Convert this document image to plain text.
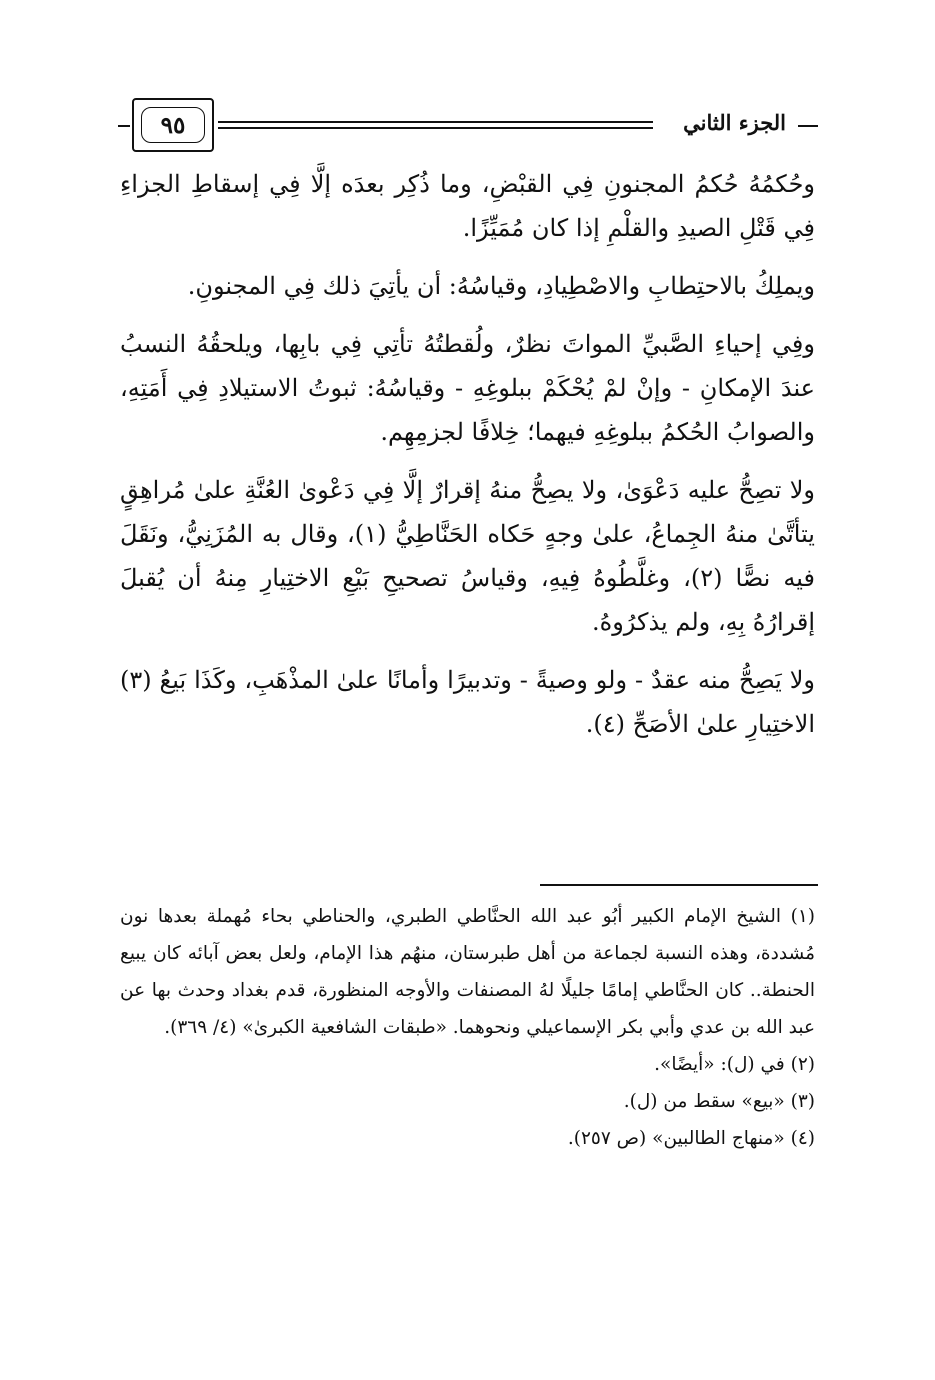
الجزء الثاني
٩٥

وحُكمُهُ حُكمُ المجنونِ فِي القبْضِ، وما ذُكِر بعدَه إلَّا فِي إسقاطِ الجزاءِ فِي قَتْلِ الصيدِ والقلْمِ إذا كان مُمَيِّزًا.

ويملِكُ بالاحتِطابِ والاصْطِيادِ، وقياسُهُ: أن يأتِيَ ذلك فِي المجنونِ.

وفِي إحياءِ الصَّبيِّ المواتَ نظرٌ، ولُقطتُهُ تأتِي فِي بابِها، ويلحقُهُ النسبُ عندَ الإمكانِ - وإنْ لمْ يُحْكَمْ ببلوغِهِ - وقياسُهُ: ثبوتُ الاستيلادِ فِي أَمَتِهِ، والصوابُ الحُكمُ ببلوغِهِ فيهما؛ خِلافًا لجزمِهِم.

ولا تصِحُّ عليه دَعْوَىٰ، ولا يصِحُّ منهُ إقرارٌ إلَّا فِي دَعْوىٰ العُنَّةِ علىٰ مُراهِقٍ يتأتَّىٰ منهُ الجِماعُ، علىٰ وجهٍ حَكاه الحَنَّاطِيُّ (١)، وقال به المُزَنِيُّ، ونَقَلَ فيه نصًّا (٢)، وغلَّطُوهُ فِيهِ، وقياسُ تصحيحِ بَيْعِ الاختِيارِ مِنهُ أن يُقبلَ إقرارُهُ بِهِ، ولم يذكرُوهُ.

ولا يَصِحُّ منه عقدٌ - ولو وصيةً - وتدبيرًا وأمانًا علىٰ المذْهَبِ، وكَذَا بَيعُ (٣) الاختِيارِ علىٰ الأصَحِّ (٤).

(١) الشيخ الإمام الكبير أبُو عبد الله الحنَّاطي الطبري، والحناطي بحاء مُهملة بعدها نون مُشددة، وهذه النسبة لجماعة من أهل طبرستان، منهُم هذا الإمام، ولعل بعض آبائه كان يبيع الحنطة.. كان الحنَّاطي إمامًا جليلًا لهُ المصنفات والأوجه المنظورة، قدم بغداد وحدث بها عن عبد الله بن عدي وأبي بكر الإسماعيلي ونحوهما. «طبقات الشافعية الكبرىٰ» (٤/ ٣٦٩).

(٢) في (ل): «أيضًا».

(٣) «بيع» سقط من (ل).

(٤) «منهاج الطالبين» (ص ٢٥٧).
